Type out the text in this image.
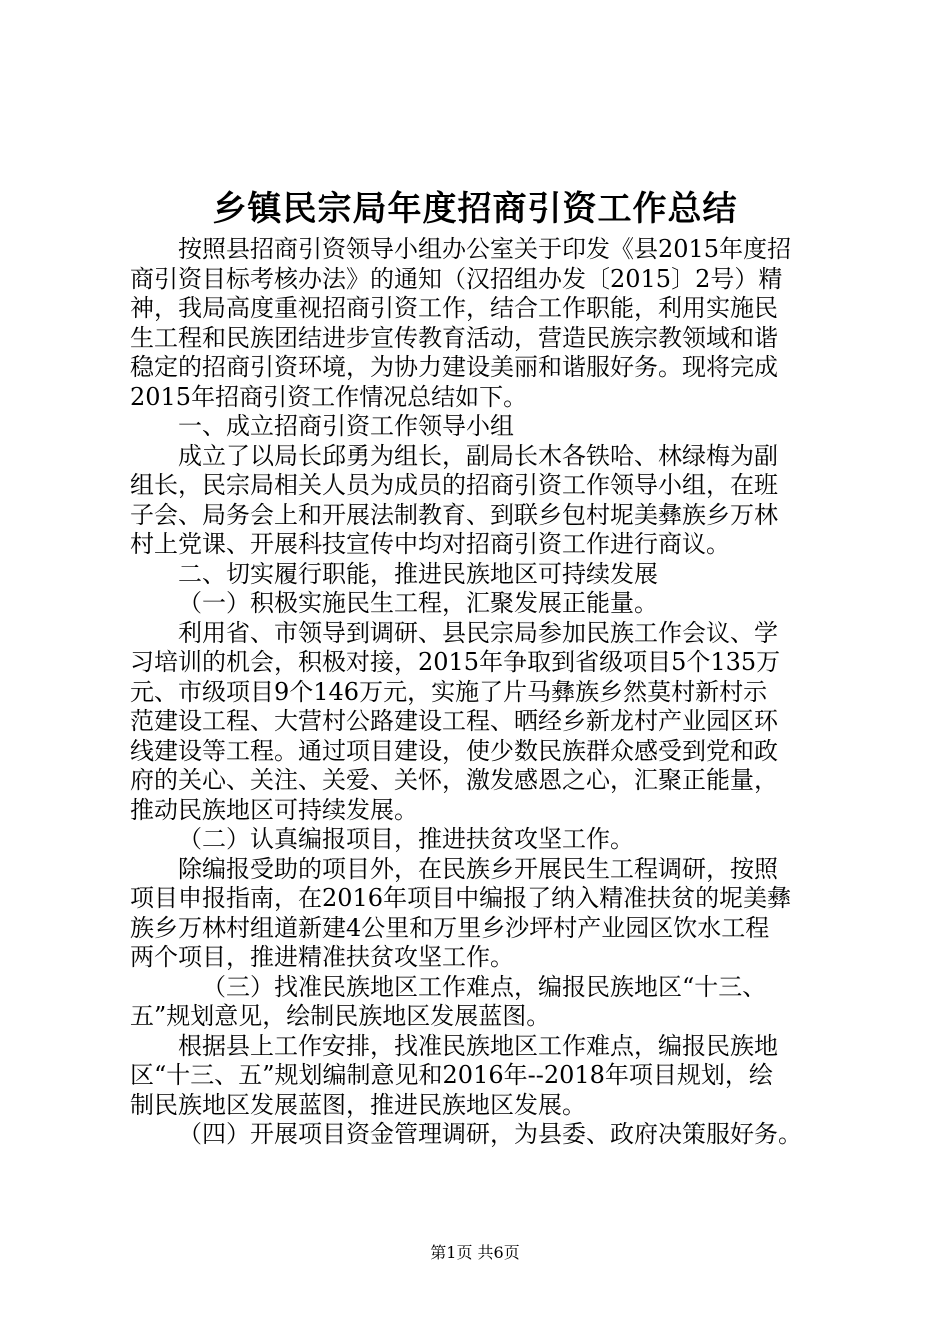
乡镇民宗局年度招商引资工作总结

按照县招商引资领导小组办公室关于印发《县2015年度招

商引资目标考核办法》的通知（汉招组办发〔2015〕2号）精

神，我局高度重视招商引资工作，结合工作职能，利用实施民

生工程和民族团结进步宣传教育活动，营造民族宗教领域和谐

稳定的招商引资环境，为协力建设美丽和谐服好务。现将完成

2015年招商引资工作情况总结如下。

一、成立招商引资工作领导小组

成立了以局长邱勇为组长，副局长木各铁哈、林绿梅为副

组长，民宗局相关人员为成员的招商引资工作领导小组，在班

子会、局务会上和开展法制教育、到联乡包村坭美彝族乡万林

村上党课、开展科技宣传中均对招商引资工作进行商议。

二、切实履行职能，推进民族地区可持续发展

（一）积极实施民生工程，汇聚发展正能量。

利用省、市领导到调研、县民宗局参加民族工作会议、学

习培训的机会，积极对接，2015年争取到省级项目5个135万

元、市级项目9个146万元，实施了片马彝族乡然莫村新村示

范建设工程、大营村公路建设工程、晒经乡新龙村产业园区环

线建设等工程。通过项目建设，使少数民族群众感受到党和政

府的关心、关注、关爱、关怀，激发感恩之心，汇聚正能量，

推动民族地区可持续发展。

（二）认真编报项目，推进扶贫攻坚工作。

除编报受助的项目外，在民族乡开展民生工程调研，按照

项目申报指南，在2016年项目中编报了纳入精准扶贫的坭美彝

族乡万林村组道新建4公里和万里乡沙坪村产业园区饮水工程

两个项目，推进精准扶贫攻坚工作。

（三）找准民族地区工作难点，编报民族地区“十三、

五”规划意见，绘制民族地区发展蓝图。

根据县上工作安排，找准民族地区工作难点，编报民族地

区“十三、五”规划编制意见和2016年--2018年项目规划，绘

制民族地区发展蓝图，推进民族地区发展。

（四）开展项目资金管理调研，为县委、政府决策服好务。

第1页 共6页
